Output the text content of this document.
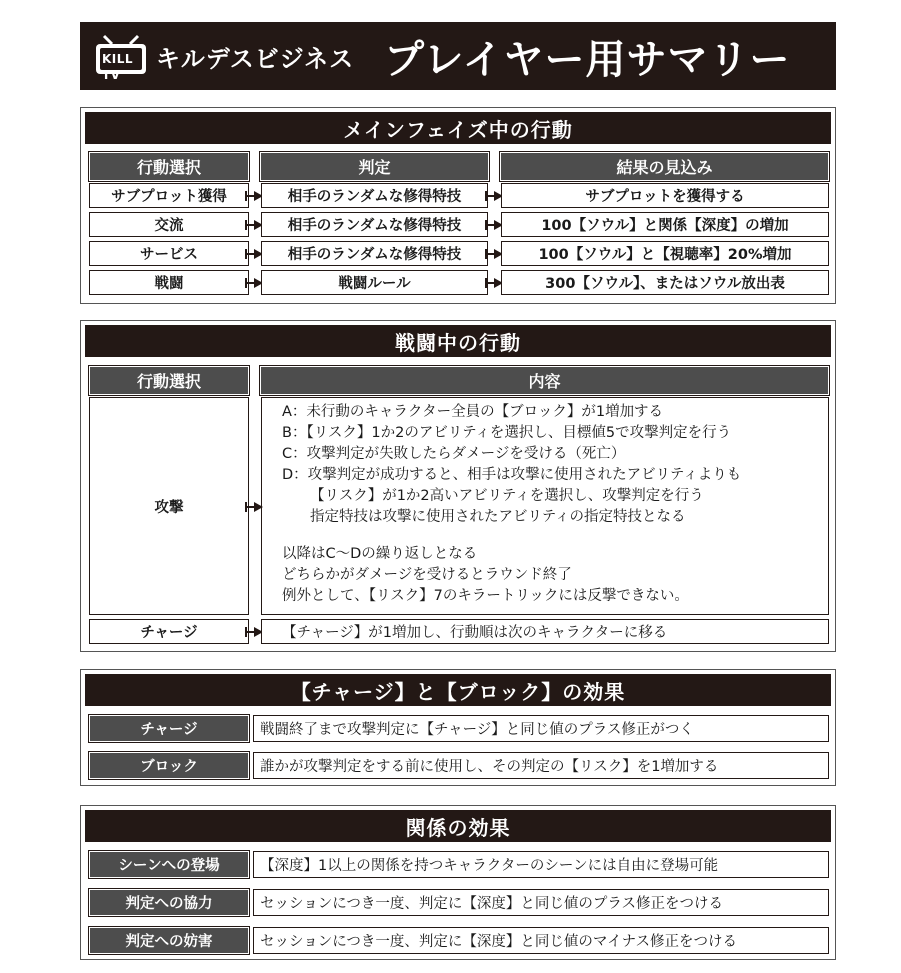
KILL TV
キルデスビジネス プレイヤー用サマリー
メインフェイズ中の行動
行動選択	判定	結果の見込み
サブプロット獲得	相手のランダムな修得特技	サブプロットを獲得する
交流	相手のランダムな修得特技	100【ソウル】と関係【深度】の増加
サービス	相手のランダムな修得特技	100【ソウル】と【視聴率】20%増加
戦闘	戦闘ルール	300【ソウル】、またはソウル放出表
戦闘中の行動
行動選択	内容
攻撃
A：未行動のキャラクター全員の【ブロック】が1増加する
B：【リスク】1か2のアビリティを選択し、目標値5で攻撃判定を行う
C：攻撃判定が失敗したらダメージを受ける（死亡）
D：攻撃判定が成功すると、相手は攻撃に使用されたアビリティよりも
【リスク】が1か2高いアビリティを選択し、攻撃判定を行う
指定特技は攻撃に使用されたアビリティの指定特技となる
以降はC～Dの繰り返しとなる
どちらかがダメージを受けるとラウンド終了
例外として、【リスク】7のキラートリックには反撃できない。
チャージ	【チャージ】が1増加し、行動順は次のキャラクターに移る
【チャージ】と【ブロック】の効果
チャージ	戦闘終了まで攻撃判定に【チャージ】と同じ値のプラス修正がつく
ブロック	誰かが攻撃判定をする前に使用し、その判定の【リスク】を1増加する
関係の効果
シーンへの登場	【深度】1以上の関係を持つキャラクターのシーンには自由に登場可能
判定への協力	セッションにつき一度、判定に【深度】と同じ値のプラス修正をつける
判定への妨害	セッションにつき一度、判定に【深度】と同じ値のマイナス修正をつける
